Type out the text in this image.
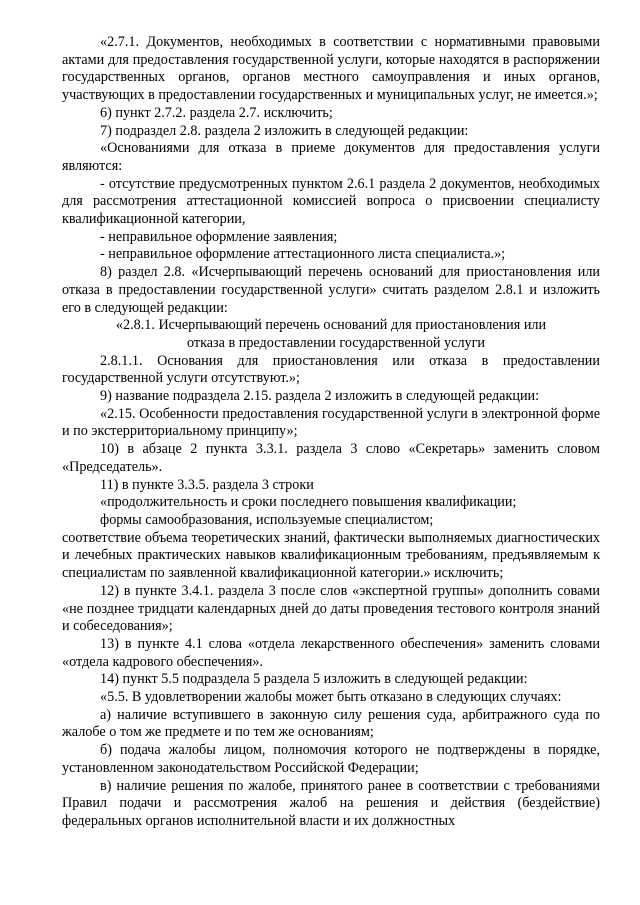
«2.7.1. Документов, необходимых в соответствии с нормативными правовыми актами для предоставления государственной услуги, которые находятся в распоряжении государственных органов, органов местного самоуправления и иных органов, участвующих в предоставлении государственных и муниципальных услуг, не имеется.»;

6) пункт 2.7.2. раздела 2.7. исключить;

7) подраздел 2.8. раздела 2 изложить в следующей редакции:

«Основаниями для отказа в приеме документов для предоставления услуги являются:

- отсутствие предусмотренных пунктом 2.6.1 раздела 2 документов, необходимых для рассмотрения аттестационной комиссией вопроса о присвоении специалисту квалификационной категории,

- неправильное оформление заявления;

- неправильное оформление аттестационного листа специалиста.»;

8) раздел 2.8. «Исчерпывающий перечень оснований для приостановления или отказа в предоставлении государственной услуги» считать разделом 2.8.1 и изложить его в следующей редакции:

«2.8.1. Исчерпывающий перечень оснований для приостановления или

отказа в предоставлении государственной услуги

2.8.1.1. Основания для приостановления или отказа в предоставлении государственной услуги отсутствуют.»;

9) название подраздела 2.15. раздела 2 изложить в следующей редакции:

«2.15. Особенности предоставления государственной услуги в электронной форме и по экстерриториальному принципу»;

10) в абзаце 2 пункта 3.3.1. раздела 3 слово «Секретарь» заменить словом «Председатель».

11) в пункте 3.3.5. раздела 3 строки

«продолжительность и сроки последнего повышения квалификации;

формы самообразования, используемые специалистом;

соответствие объема теоретических знаний, фактически выполняемых диагностических и лечебных практических навыков квалификационным требованиям, предъявляемым к специалистам по заявленной квалификационной категории.» исключить;

12) в пункте 3.4.1. раздела 3 после слов «экспертной группы» дополнить совами «не позднее тридцати календарных дней до даты проведения тестового контроля знаний и собеседования»;

13) в пункте 4.1 слова «отдела лекарственного обеспечения» заменить словами «отдела кадрового обеспечения».

14) пункт 5.5 подраздела 5 раздела 5 изложить в следующей редакции:

«5.5. В удовлетворении жалобы может быть отказано в следующих случаях:

а) наличие вступившего в законную силу решения суда, арбитражного суда по жалобе о том же предмете и по тем же основаниям;

б) подача жалобы лицом, полномочия которого не подтверждены в порядке, установленном законодательством Российской Федерации;

в) наличие решения по жалобе, принятого ранее в соответствии с требованиями Правил подачи и рассмотрения жалоб на решения и действия (бездействие) федеральных органов исполнительной власти и их должностных
